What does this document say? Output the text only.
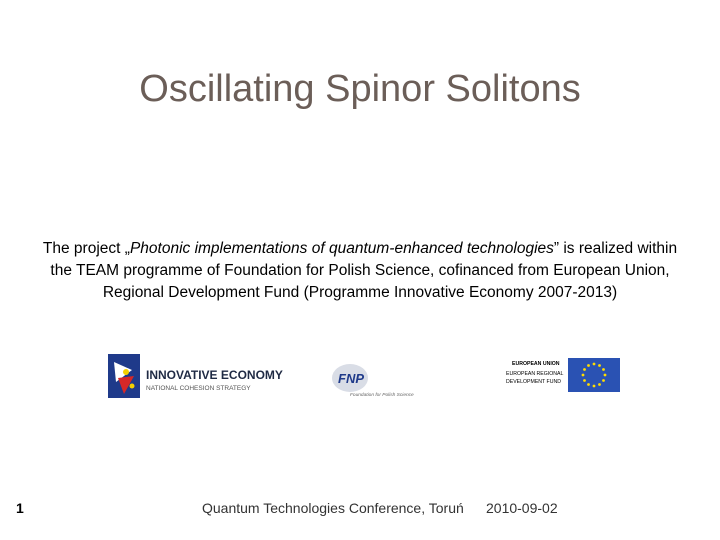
Oscillating Spinor Solitons
The project „Photonic implementations of quantum-enhanced technologies” is realized within the TEAM programme of Foundation for Polish Science, cofinanced from European Union, Regional Development Fund (Programme Innovative Economy 2007-2013)
INNOVATIVE ECONOMY
NATIONAL COHESION STRATEGY
FNP
Foundation for Polish Science
EUROPEAN UNION
EUROPEAN REGIONAL
DEVELOPMENT FUND
1	Quantum Technologies Conference, Toruń 2010-09-02
